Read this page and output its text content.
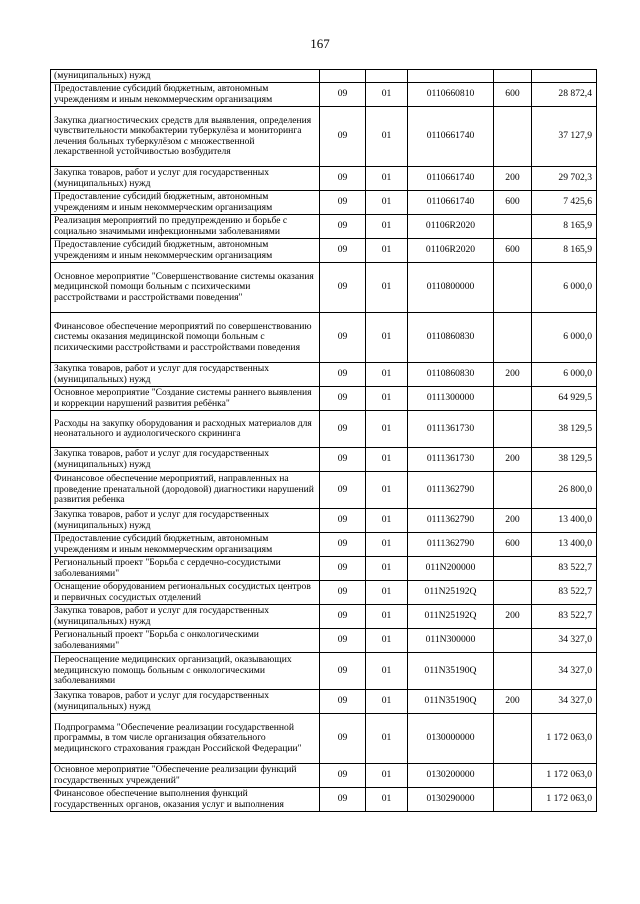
167
(муниципальных) нужд					
Предоставление субсидий бюджетным, автономным учреждениям и иным некоммерческим организациям	09	01	0110660810	600	28 872,4
Закупка диагностических средств для выявления, определения чувствительности микобактерии туберкулёза и мониторинга лечения больных туберкулёзом с множественной лекарственной устойчивостью возбудителя	09	01	0110661740		37 127,9
Закупка товаров, работ и услуг для государственных (муниципальных) нужд	09	01	0110661740	200	29 702,3
Предоставление субсидий бюджетным, автономным учреждениям и иным некоммерческим организациям	09	01	0110661740	600	7 425,6
Реализация мероприятий по предупреждению и борьбе с социально значимыми инфекционными заболеваниями	09	01	01106R2020		8 165,9
Предоставление субсидий бюджетным, автономным учреждениям и иным некоммерческим организациям	09	01	01106R2020	600	8 165,9
Основное мероприятие "Совершенствование системы оказания медицинской помощи больным с психическими расстройствами и расстройствами поведения"	09	01	0110800000		6 000,0
Финансовое обеспечение мероприятий по совершенствованию системы оказания медицинской помощи больным с психическими расстройствами и расстройствами поведения	09	01	0110860830		6 000,0
Закупка товаров, работ и услуг для государственных (муниципальных) нужд	09	01	0110860830	200	6 000,0
Основное мероприятие "Создание системы раннего выявления и коррекции нарушений развития ребёнка"	09	01	0111300000		64 929,5
Расходы на закупку оборудования и расходных материалов для неонатального и аудиологического скрининга	09	01	0111361730		38 129,5
Закупка товаров, работ и услуг для государственных (муниципальных) нужд	09	01	0111361730	200	38 129,5
Финансовое обеспечение мероприятий, направленных на проведение пренатальной (дородовой) диагностики нарушений развития ребенка	09	01	0111362790		26 800,0
Закупка товаров, работ и услуг для государственных (муниципальных) нужд	09	01	0111362790	200	13 400,0
Предоставление субсидий бюджетным, автономным учреждениям и иным некоммерческим организациям	09	01	0111362790	600	13 400,0
Региональный проект "Борьба с сердечно-сосудистыми заболеваниями"	09	01	011N200000		83 522,7
Оснащение оборудованием региональных сосудистых центров и первичных сосудистых отделений	09	01	011N25192Q		83 522,7
Закупка товаров, работ и услуг для государственных (муниципальных) нужд	09	01	011N25192Q	200	83 522,7
Региональный проект "Борьба с онкологическими заболеваниями"	09	01	011N300000		34 327,0
Переоснащение медицинских организаций, оказывающих медицинскую помощь больным с онкологическими заболеваниями	09	01	011N35190Q		34 327,0
Закупка товаров, работ и услуг для государственных (муниципальных) нужд	09	01	011N35190Q	200	34 327,0
Подпрограмма "Обеспечение реализации государственной программы, в том числе организация обязательного медицинского страхования граждан Российской Федерации"	09	01	0130000000		1 172 063,0
Основное мероприятие "Обеспечение реализации функций государственных учреждений"	09	01	0130200000		1 172 063,0
Финансовое обеспечение выполнения функций государственных органов, оказания услуг и выполнения	09	01	0130290000		1 172 063,0
